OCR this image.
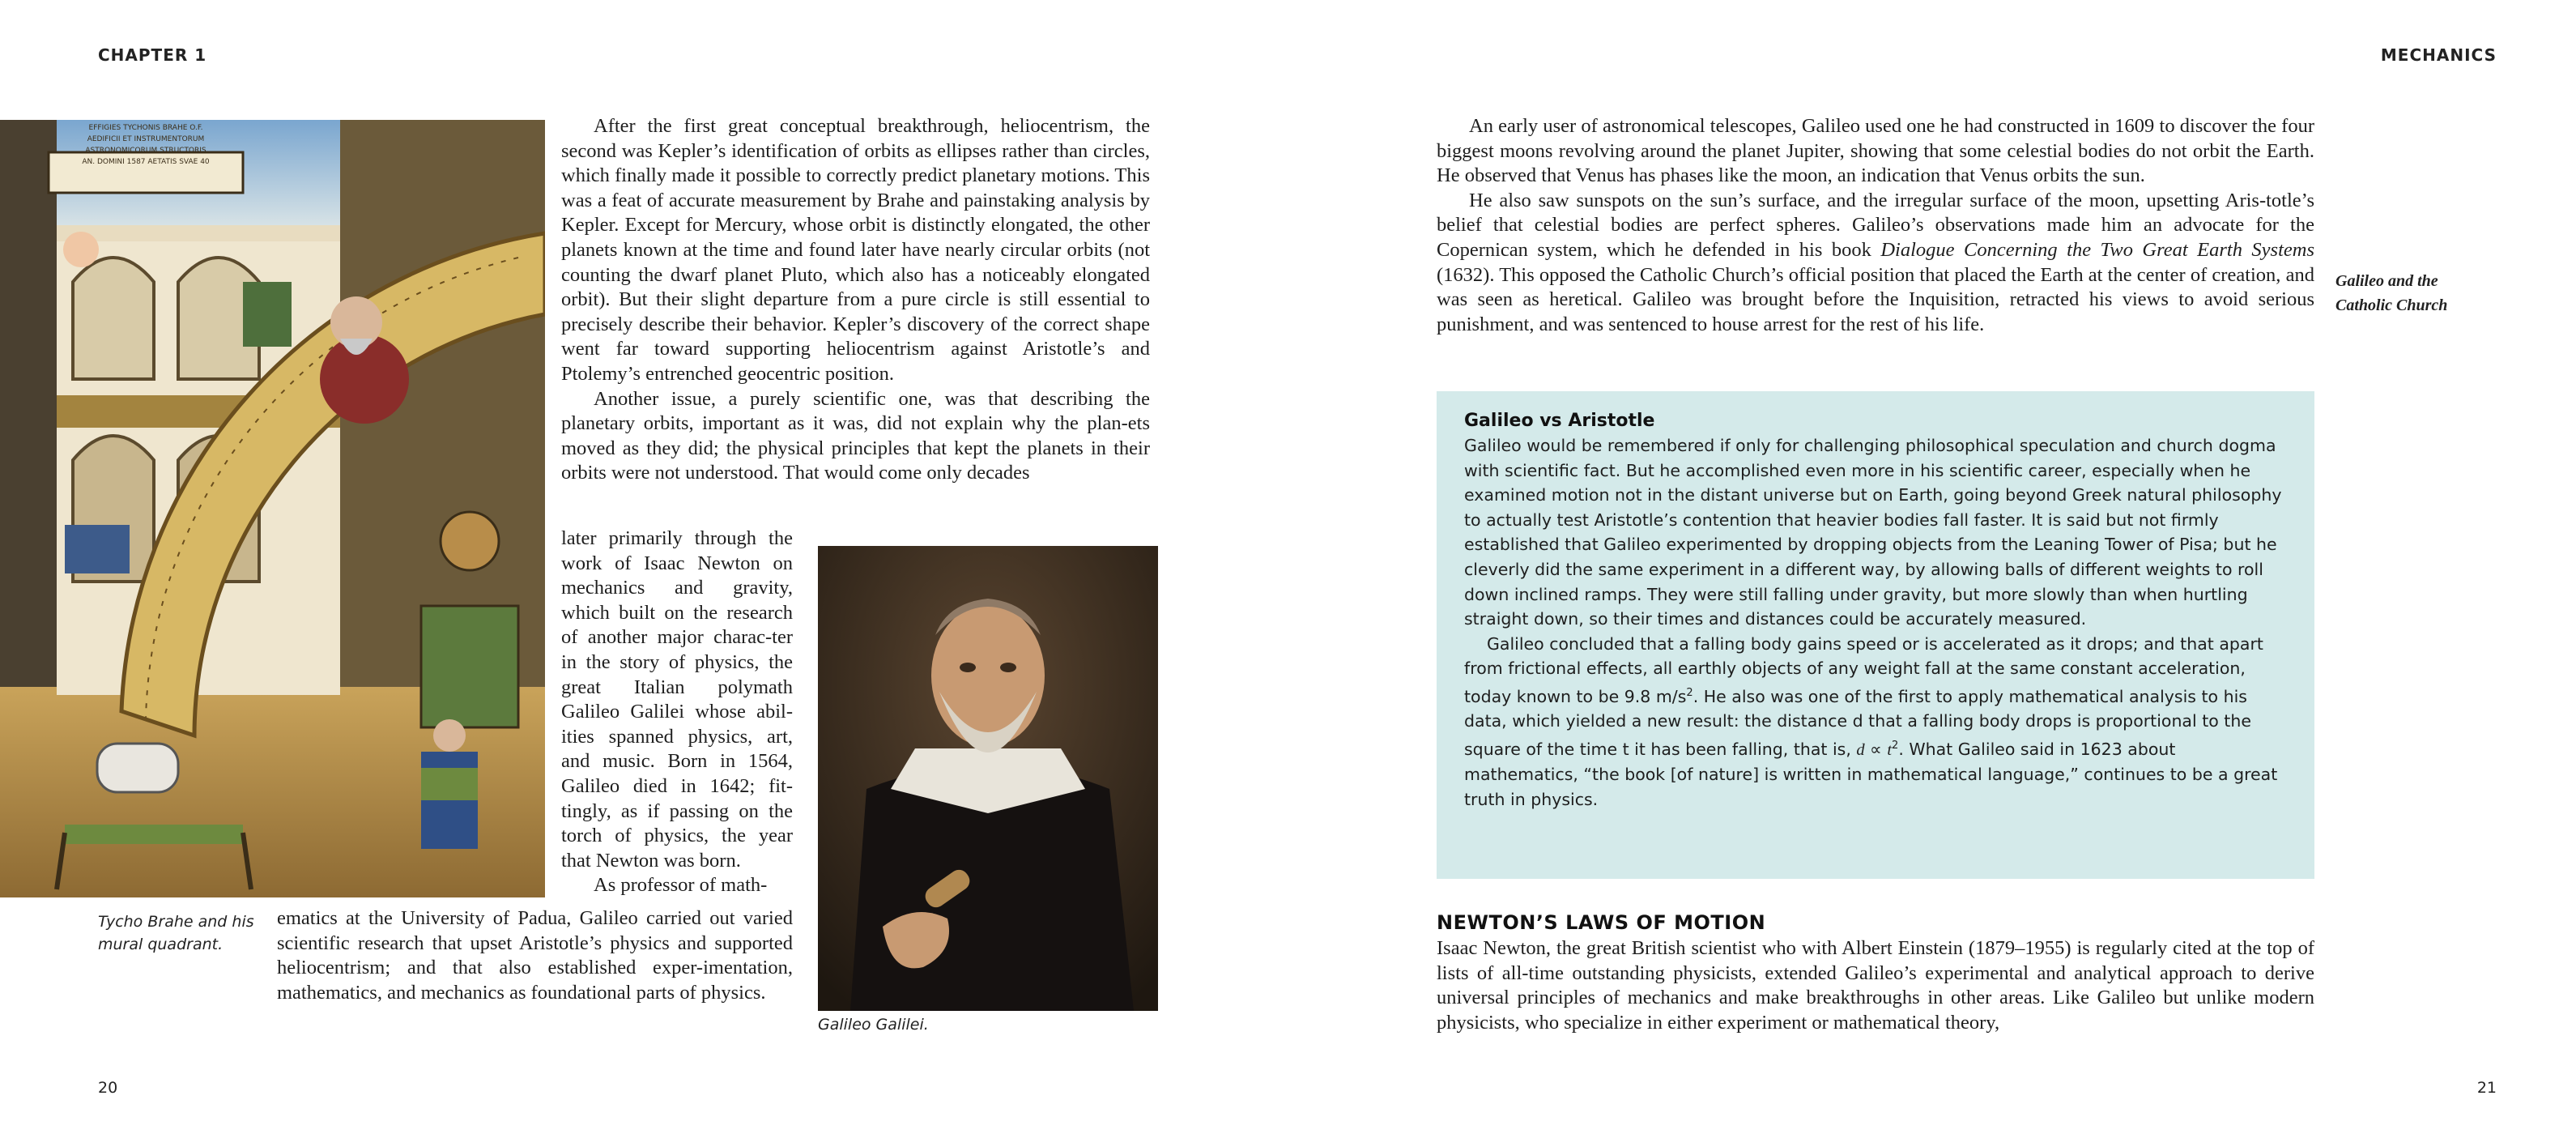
CHAPTER 1
EFFIGIES TYCHONIS BRAHE O.F.
AEDIFICII ET INSTRUMENTORUM
ASTRONOMICORUM STRUCTORIS
AN. DOMINI 1587 AETATIS SVAE 40
Tycho Brahe and his
mural quadrant.

After the first great conceptual breakthrough, heliocentrism, the second was Kepler’s identification of orbits as ellipses rather than circles, which finally made it possible to correctly predict planetary motions. This was a feat of accurate measurement by Brahe and painstaking analysis by Kepler. Except for Mercury, whose orbit is distinctly elongated, the other planets known at the time and found later have nearly circular orbits (not counting the dwarf planet Pluto, which also has a noticeably elongated orbit). But their slight departure from a pure circle is still essential to precisely describe their behavior. Kepler’s discovery of the correct shape went far toward supporting heliocentrism against Aristotle’s and Ptolemy’s entrenched geocentric position.

Another issue, a purely scientific one, was that describing the planetary orbits, important as it was, did not explain why the plan-ets moved as they did; the physical principles that kept the planets in their orbits were not understood. That would come only decades

later primarily through the work of Isaac Newton on mechanics and gravity, which built on the research of another major charac-ter in the story of physics, the great Italian polymath Galileo Galilei whose abil-ities spanned physics, art, and music. Born in 1564, Galileo died in 1642; fit-tingly, as if passing on the torch of physics, the year that Newton was born.

As professor of math-

ematics at the University of Padua, Galileo carried out varied scientific research that upset Aristotle’s physics and supported heliocentrism; and that also established exper-imentation, mathematics, and mechanics as foundational parts of physics.

Galileo Galilei.
20
MECHANICS

An early user of astronomical telescopes, Galileo used one he had constructed in 1609 to discover the four biggest moons revolving around the planet Jupiter, showing that some celestial bodies do not orbit the Earth. He observed that Venus has phases like the moon, an indication that Venus orbits the sun.

He also saw sunspots on the sun’s surface, and the irregular surface of the moon, upsetting Aris-totle’s belief that celestial bodies are perfect spheres. Galileo’s observations made him an advocate for the Copernican system, which he defended in his book Dialogue Concerning the Two Great Earth Systems (1632). This opposed the Catholic Church’s official position that placed the Earth at the center of creation, and was seen as heretical. Galileo was brought before the Inquisition, retracted his views to avoid serious punishment, and was sentenced to house arrest for the rest of his life.

Galileo and the
Catholic Church
Galileo vs Aristotle

Galileo would be remembered if only for challenging philosophical speculation and church dogma with scientific fact. But he accomplished even more in his scientific career, especially when he examined motion not in the distant universe but on Earth, going beyond Greek natural philosophy to actually test Aristotle’s contention that heavier bodies fall faster. It is said but not firmly established that Galileo experimented by dropping objects from the Leaning Tower of Pisa; but he cleverly did the same experiment in a different way, by allowing balls of different weights to roll down inclined ramps. They were still falling under gravity, but more slowly than when hurtling straight down, so their times and distances could be accurately measured.

Galileo concluded that a falling body gains speed or is accelerated as it drops; and that apart from frictional effects, all earthly objects of any weight fall at the same constant acceleration, today known to be 9.8 $m/s^2$. He also was one of the first to apply mathematical analysis to his data, which yielded a new result: the distance d that a falling body drops is proportional to the square of the time t it has been falling, that is, $d \propto t^2$. What Galileo said in 1623 about mathematics, “the book [of nature] is written in mathematical language,” continues to be a great truth in physics.

NEWTON’S LAWS OF MOTION

Isaac Newton, the great British scientist who with Albert Einstein (1879–1955) is regularly cited at the top of lists of all-time outstanding physicists, extended Galileo’s experimental and analytical approach to derive universal principles of mechanics and make breakthroughs in other areas. Like Galileo but unlike modern physicists, who specialize in either experiment or mathematical theory,

21
